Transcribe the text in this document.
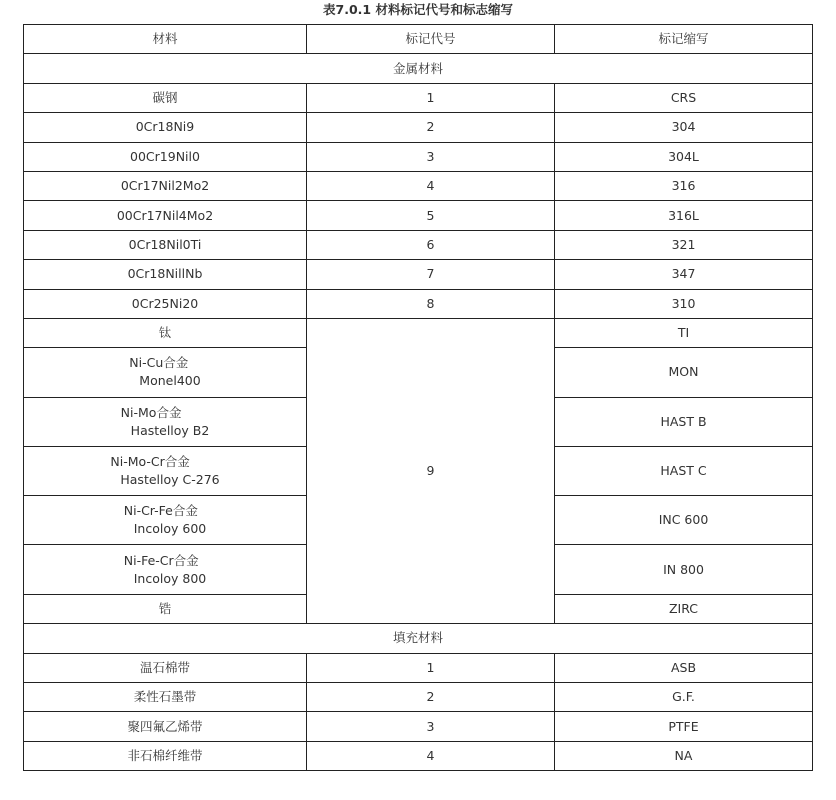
表7.0.1 材料标记代号和标志缩写
材料	标记代号	标记缩写
金属材料		
碳钢	1	CRS
0Cr18Ni9	2	304
00Cr19Nil0	3	304L
0Cr17Nil2Mo2	4	316
00Cr17Nil4Mo2	5	316L
0Cr18Nil0Ti	6	321
0Cr18NillNb	7	347
0Cr25Ni20	8	310
钛	9	TI
Ni-Cu合金
Monel400		MON
Ni-Mo合金
Hastelloy B2		HAST B
Ni-Mo-Cr合金
Hastelloy C-276		HAST C
Ni-Cr-Fe合金
Incoloy 600		INC 600
Ni-Fe-Cr合金
Incoloy 800		IN 800
锆		ZIRC
填充材料		
温石棉带	1	ASB
柔性石墨带	2	G.F.
聚四氟乙烯带	3	PTFE
非石棉纤维带	4	NA
